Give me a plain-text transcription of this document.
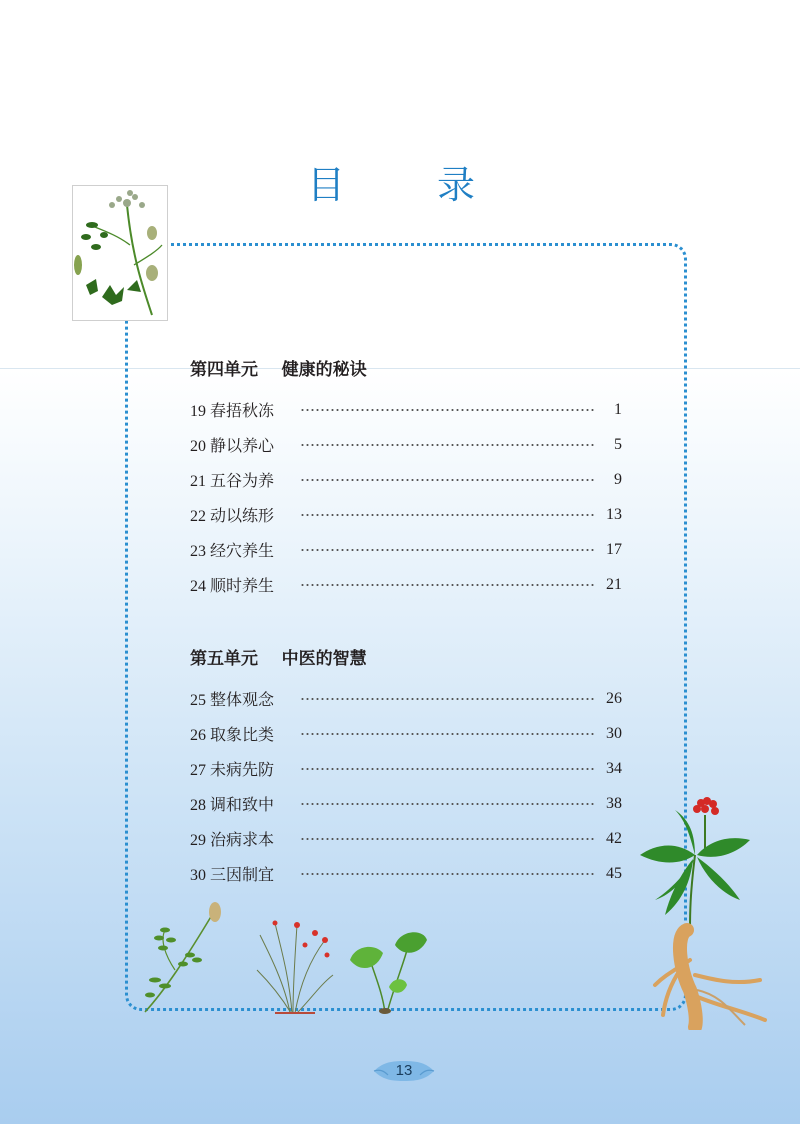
目 录
第四单元    健康的秘诀
19 春捂秋冻	1
20 静以养心	5
21 五谷为养	9
22 动以练形	13
23 经穴养生	17
24 顺时养生	21
第五单元    中医的智慧
25 整体观念	26
26 取象比类	30
27 未病先防	34
28 调和致中	38
29 治病求本	42
30 三因制宜	45
13
